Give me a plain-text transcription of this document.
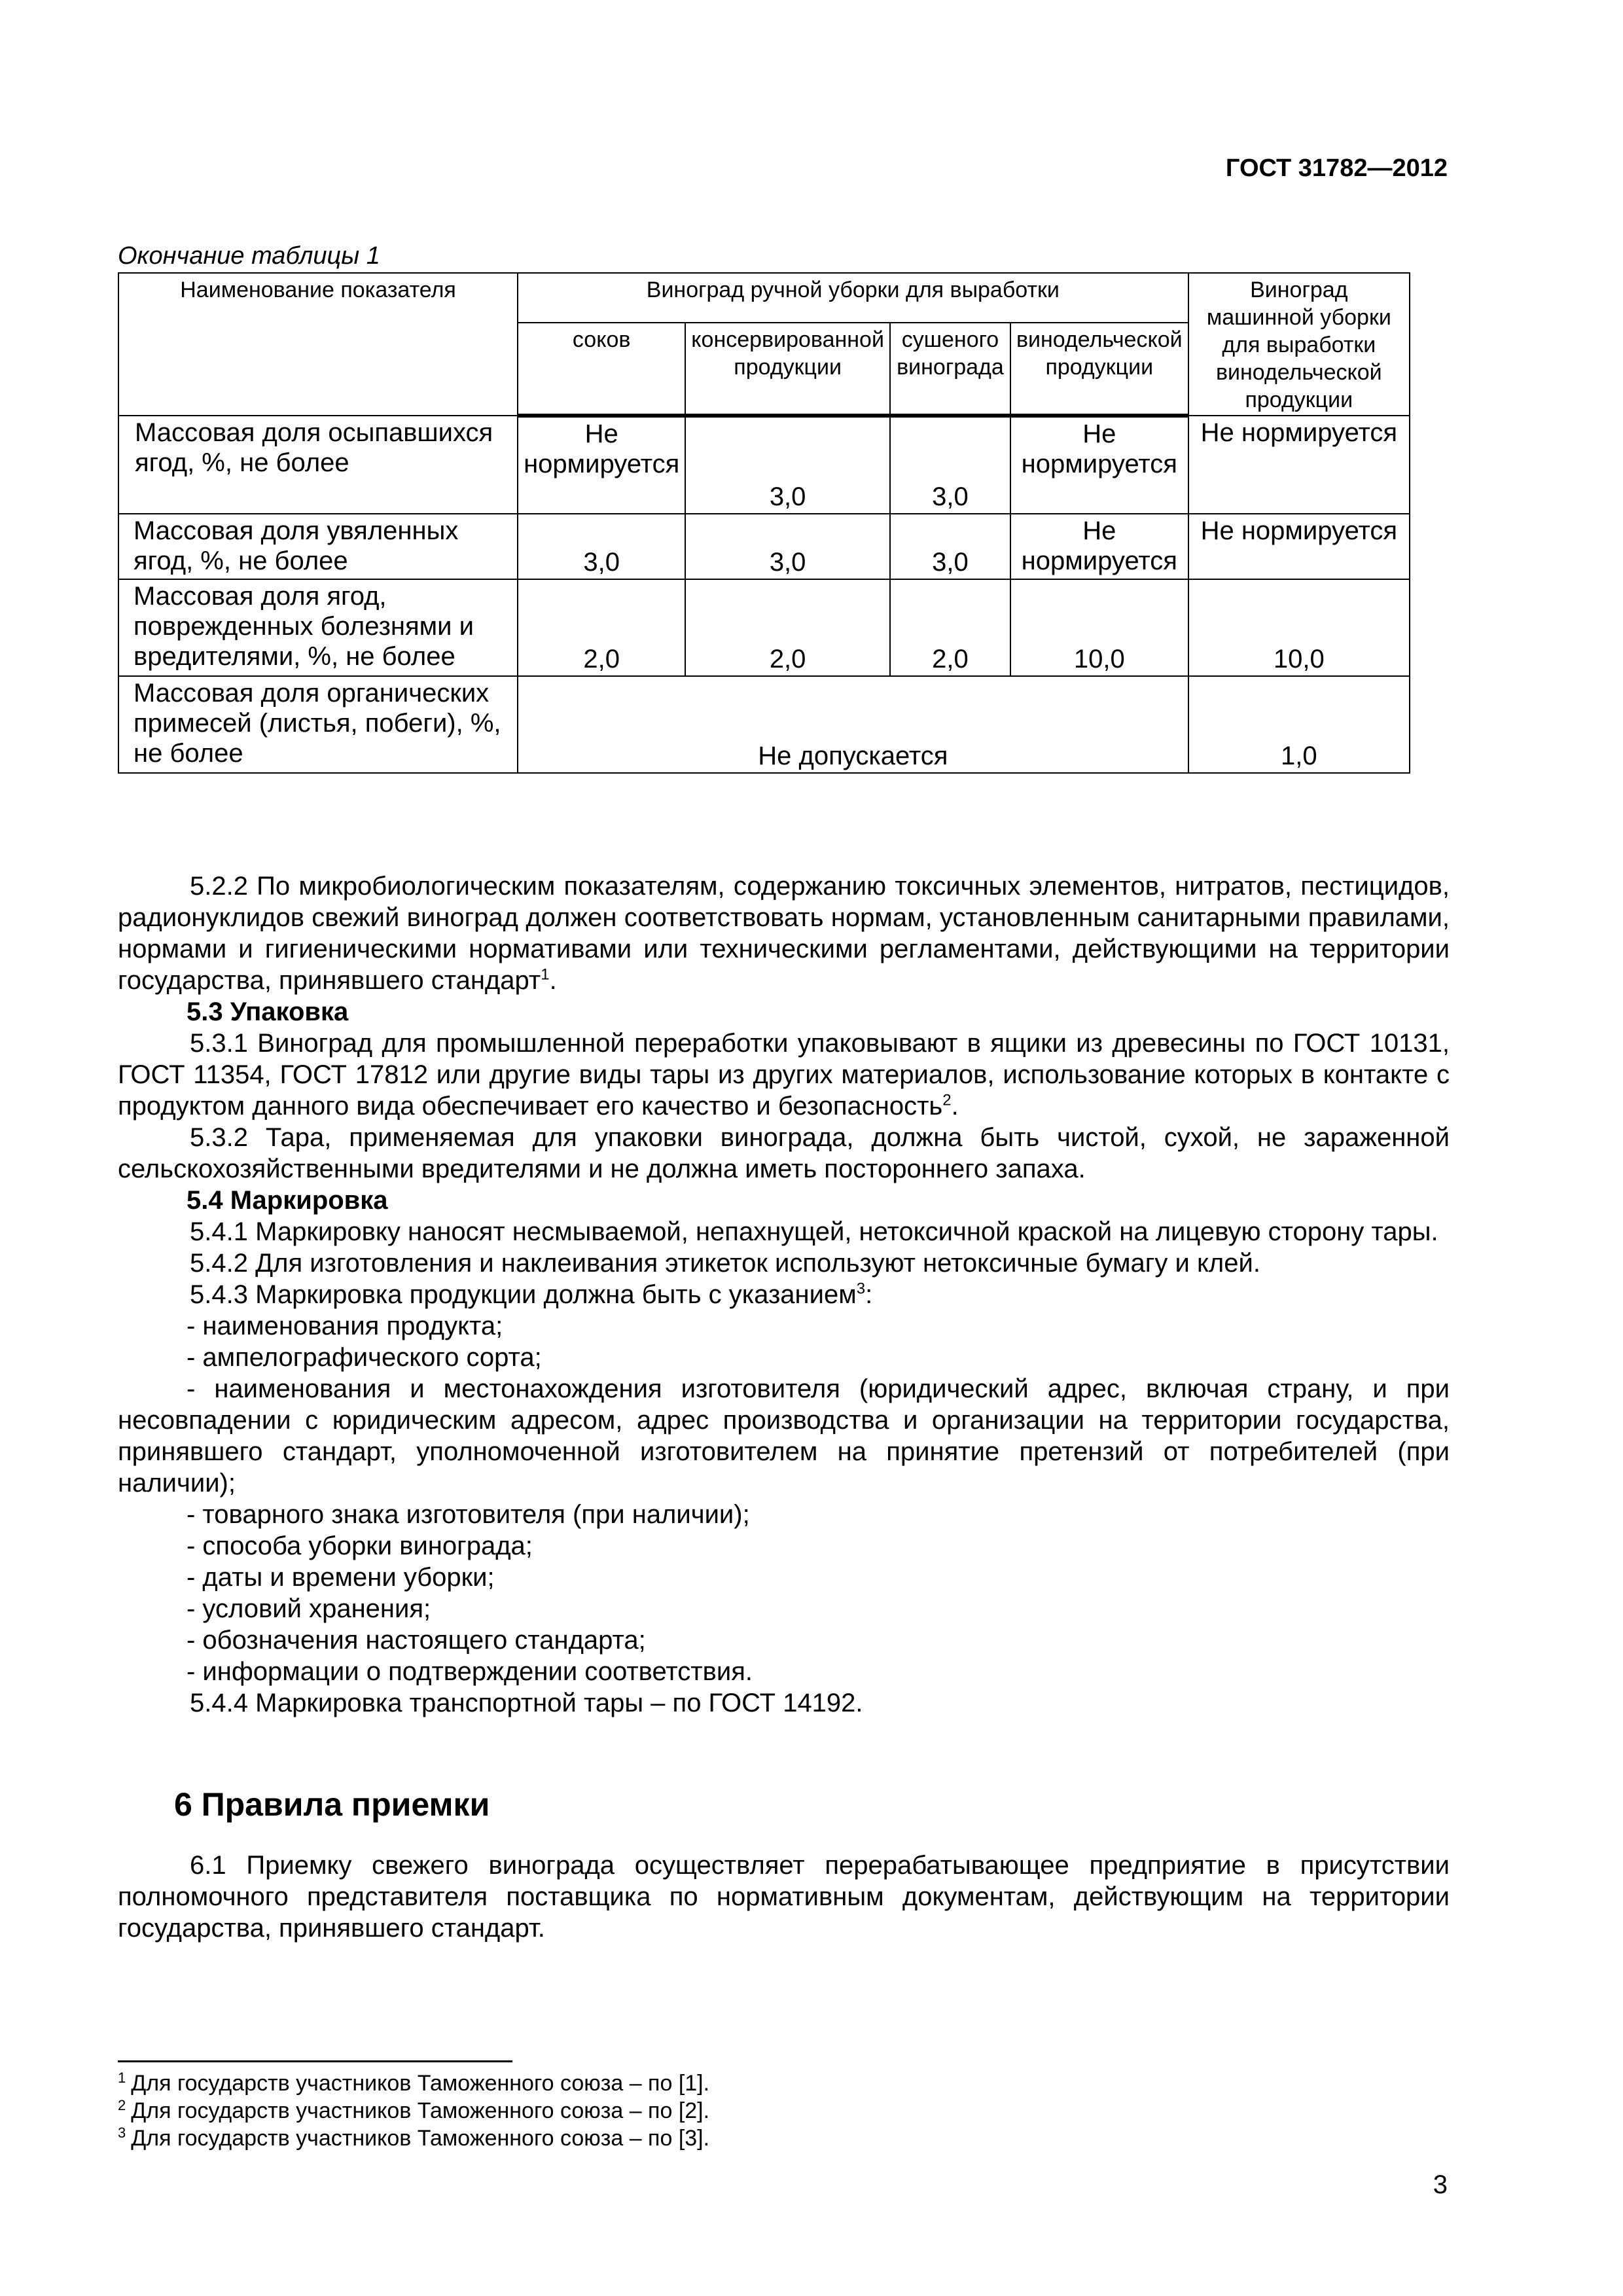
ГОСТ 31782—2012
Окончание таблицы 1
Наименование показателя	Виноград ручной уборки для выработки				Виноград машинной уборки для выработки винодельческой продукции
	соков	консервированной продукции	сушеного винограда	винодельческой продукции	
Массовая доля осыпавшихся ягод, %, не более	Не нормируется	3,0	3,0	Не нормируется	Не нормируется
Массовая доля увяленных ягод, %, не более	3,0	3,0	3,0	Не нормируется	Не нормируется
Массовая доля ягод, поврежденных болезнями и вредителями, %, не более	2,0	2,0	2,0	10,0	10,0
Массовая доля органических примесей (листья, побеги), %, не более	Не допускается				1,0

5.2.2 По микробиологическим показателям, содержанию токсичных элементов, нитратов, пестицидов, радионуклидов свежий виноград должен соответствовать нормам, установленным санитарными правилами, нормами и гигиеническими нормативами или техническими регламентами, действующими на территории государства, принявшего стандарт$^1$.

5.3 Упаковка

5.3.1 Виноград для промышленной переработки упаковывают в ящики из древесины по ГОСТ 10131, ГОСТ 11354, ГОСТ 17812 или другие виды тары из других материалов, использование которых в контакте с продуктом данного вида обеспечивает его качество и безопасность$^2$.

5.3.2 Тара, применяемая для упаковки винограда, должна быть чистой, сухой, не зараженной сельскохозяйственными вредителями и не должна иметь постороннего запаха.

5.4 Маркировка

5.4.1 Маркировку наносят несмываемой, непахнущей, нетоксичной краской на лицевую сторону тары.

5.4.2 Для изготовления и наклеивания этикеток используют нетоксичные бумагу и клей.

5.4.3 Маркировка продукции должна быть с указанием$^3$:

- наименования продукта;

- ампелографического сорта;

- наименования и местонахождения изготовителя (юридический адрес, включая страну, и при несовпадении с юридическим адресом, адрес производства и организации на территории государства, принявшего стандарт, уполномоченной изготовителем на принятие претензий от потребителей (при наличии);

- товарного знака изготовителя (при наличии);

- способа уборки винограда;

- даты и времени уборки;

- условий хранения;

- обозначения настоящего стандарта;

- информации о подтверждении соответствия.

5.4.4 Маркировка транспортной тары – по ГОСТ 14192.

6 Правила приемки

6.1 Приемку свежего винограда осуществляет перерабатывающее предприятие в присутствии полномочного представителя поставщика по нормативным документам, действующим на территории государства, принявшего стандарт.

$^1$ Для государств участников Таможенного союза – по [1].
$^2$ Для государств участников Таможенного союза – по [2].
$^3$ Для государств участников Таможенного союза – по [3].
3
